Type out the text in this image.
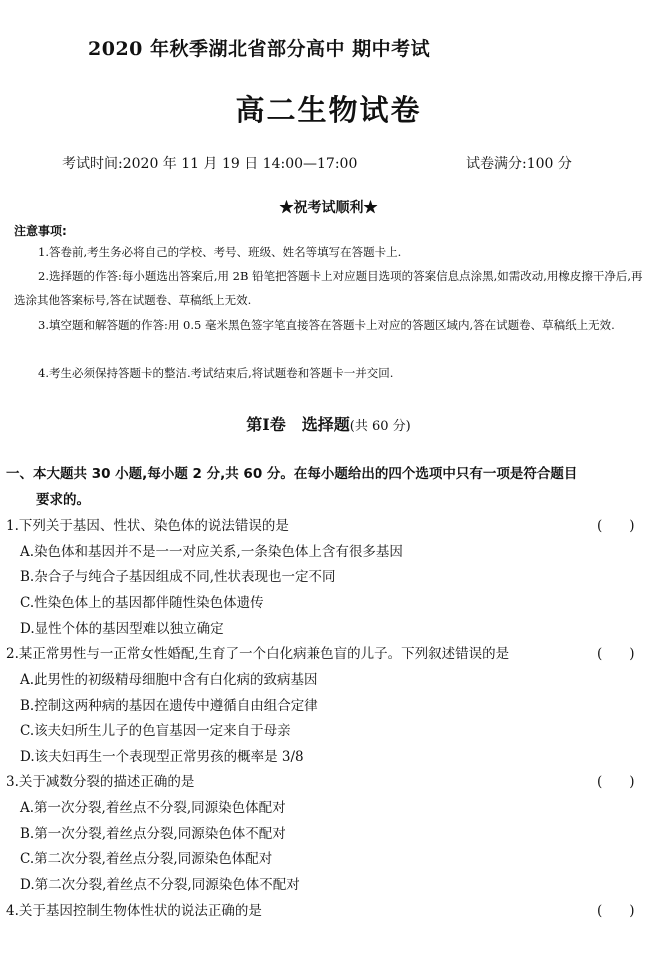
2020 年秋季湖北省部分高中 期中考试
高二生物试卷
考试时间:2020 年 11 月 19 日 14:00—17:00	试卷满分:100 分
★祝考试顺利★
注意事项:
1.答卷前,考生务必将自己的学校、考号、班级、姓名等填写在答题卡上.
2.选择题的作答:每小题选出答案后,用 2B 铅笔把答题卡上对应题目选项的答案信息点涂黑,如需改动,用橡皮擦干净后,再选涂其他答案标号,答在试题卷、草稿纸上无效.
3.填空题和解答题的作答:用 0.5 毫米黑色签字笔直接答在答题卡上对应的答题区域内,答在试题卷、草稿纸上无效.
4.考生必须保持答题卡的整洁.考试结束后,将试题卷和答题卡一并交回.
第Ⅰ卷　选择题(共 60 分)
一、本大题共 30 小题,每小题 2 分,共 60 分。在每小题给出的四个选项中只有一项是符合题目
要求的。
1.下列关于基因、性状、染色体的说法错误的是	(　　)
A.染色体和基因并不是一一对应关系,一条染色体上含有很多基因
B.杂合子与纯合子基因组成不同,性状表现也一定不同
C.性染色体上的基因都伴随性染色体遗传
D.显性个体的基因型难以独立确定
2.某正常男性与一正常女性婚配,生育了一个白化病兼色盲的儿子。下列叙述错误的是	(　　)
A.此男性的初级精母细胞中含有白化病的致病基因
B.控制这两种病的基因在遗传中遵循自由组合定律
C.该夫妇所生儿子的色盲基因一定来自于母亲
D.该夫妇再生一个表现型正常男孩的概率是 3/8
3.关于减数分裂的描述正确的是	(　　)
A.第一次分裂,着丝点不分裂,同源染色体配对
B.第一次分裂,着丝点分裂,同源染色体不配对
C.第二次分裂,着丝点分裂,同源染色体配对
D.第二次分裂,着丝点不分裂,同源染色体不配对
4.关于基因控制生物体性状的说法正确的是	(　　)
